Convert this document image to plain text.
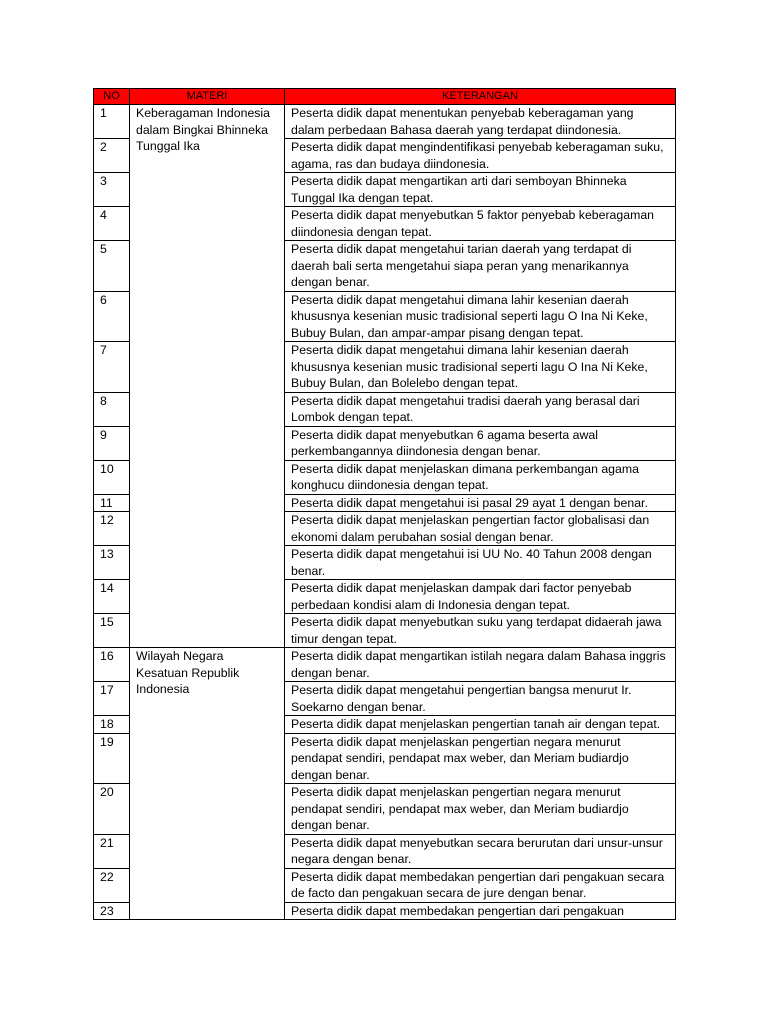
NO	MATERI	KETERANGAN
1	Keberagaman Indonesia dalam Bingkai Bhinneka Tunggal Ika	Peserta didik dapat menentukan penyebab keberagaman yang dalam perbedaan Bahasa daerah yang terdapat diindonesia.
2		Peserta didik dapat mengindentifikasi penyebab keberagaman suku, agama, ras dan budaya diindonesia.
3		Peserta didik dapat mengartikan arti dari semboyan Bhinneka Tunggal Ika dengan tepat.
4		Peserta didik dapat menyebutkan 5 faktor penyebab keberagaman diindonesia dengan tepat.
5		Peserta didik dapat mengetahui tarian daerah yang terdapat di daerah bali serta mengetahui siapa peran yang menarikannya dengan benar.
6		Peserta didik dapat mengetahui dimana lahir kesenian daerah khususnya kesenian music tradisional seperti lagu O Ina Ni Keke, Bubuy Bulan, dan ampar-ampar pisang dengan tepat.
7		Peserta didik dapat mengetahui dimana lahir kesenian daerah khususnya kesenian music tradisional seperti lagu O Ina Ni Keke, Bubuy Bulan, dan Bolelebo dengan tepat.
8		Peserta didik dapat mengetahui tradisi daerah yang berasal dari Lombok dengan tepat.
9		Peserta didik dapat menyebutkan 6 agama beserta awal perkembangannya diindonesia dengan benar.
10		Peserta didik dapat menjelaskan dimana perkembangan agama konghucu diindonesia dengan tepat.
11		Peserta didik dapat mengetahui isi pasal 29 ayat 1 dengan benar.
12		Peserta didik dapat menjelaskan pengertian factor globalisasi dan ekonomi dalam perubahan sosial dengan benar.
13		Peserta didik dapat mengetahui isi UU No. 40 Tahun 2008 dengan benar.
14		Peserta didik dapat menjelaskan dampak dari factor penyebab perbedaan kondisi alam di Indonesia dengan tepat.
15		Peserta didik dapat menyebutkan suku yang terdapat didaerah jawa timur dengan tepat.
16	Wilayah Negara Kesatuan Republik Indonesia	Peserta didik dapat mengartikan istilah negara dalam Bahasa inggris dengan benar.
17		Peserta didik dapat mengetahui pengertian bangsa menurut Ir. Soekarno dengan benar.
18		Peserta didik dapat menjelaskan pengertian tanah air dengan tepat.
19		Peserta didik dapat menjelaskan pengertian negara menurut pendapat sendiri, pendapat max weber, dan Meriam budiardjo dengan benar.
20		Peserta didik dapat menjelaskan pengertian negara menurut pendapat sendiri, pendapat max weber, dan Meriam budiardjo dengan benar.
21		Peserta didik dapat menyebutkan secara berurutan dari unsur-unsur negara dengan benar.
22		Peserta didik dapat membedakan pengertian dari pengakuan secara de facto dan pengakuan secara de jure dengan benar.
23		Peserta didik dapat membedakan pengertian dari pengakuan
